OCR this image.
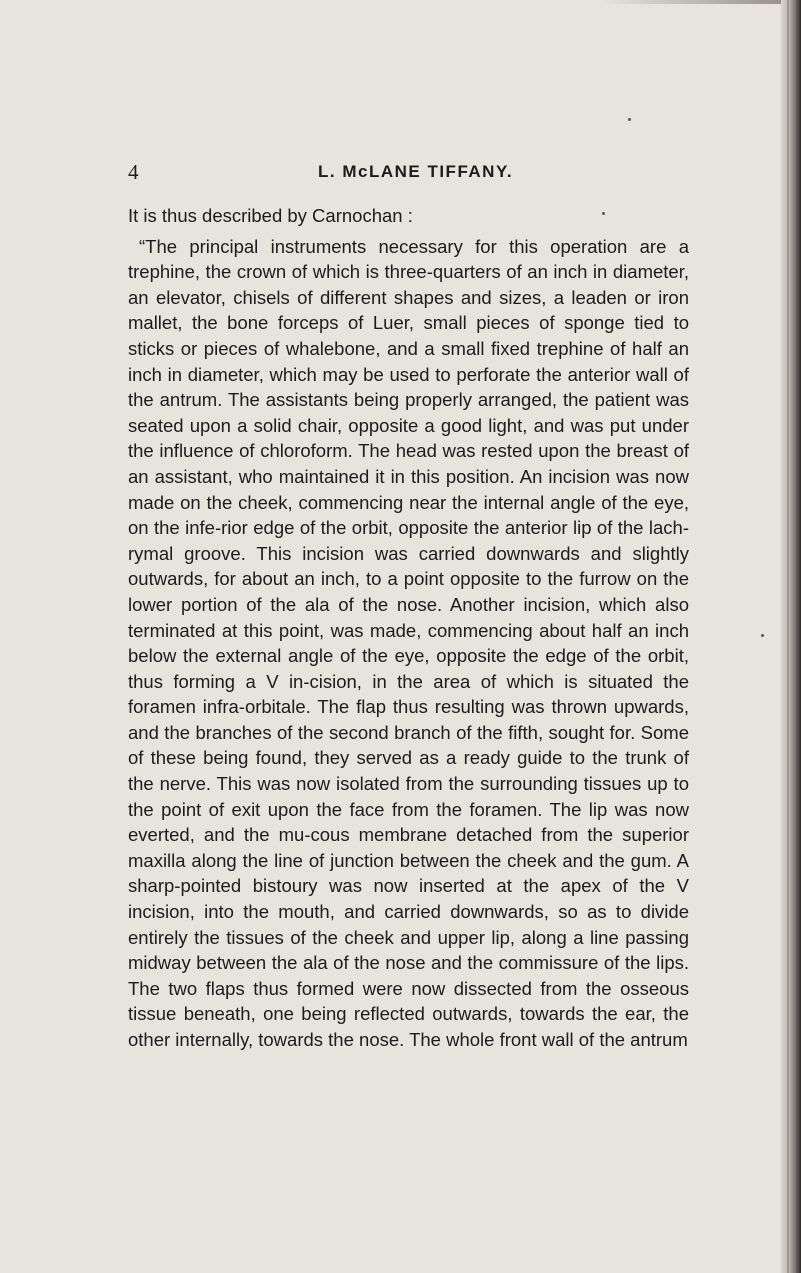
4	L. McLANE TIFFANY.

It is thus described by Carnochan :

“The principal instruments necessary for this operation are a trephine, the crown of which is three-quarters of an inch in diameter, an elevator, chisels of different shapes and sizes, a leaden or iron mallet, the bone forceps of Luer, small pieces of sponge tied to sticks or pieces of whalebone, and a small fixed trephine of half an inch in diameter, which may be used to perforate the anterior wall of the antrum. The assistants being properly arranged, the patient was seated upon a solid chair, opposite a good light, and was put under the influence of chloroform. The head was rested upon the breast of an assistant, who maintained it in this position. An incision was now made on the cheek, commencing near the internal angle of the eye, on the infe-rior edge of the orbit, opposite the anterior lip of the lach-rymal groove. This incision was carried downwards and slightly outwards, for about an inch, to a point opposite to the furrow on the lower portion of the ala of the nose. Another incision, which also terminated at this point, was made, commencing about half an inch below the external angle of the eye, opposite the edge of the orbit, thus forming a V in-cision, in the area of which is situated the foramen infra-orbitale. The flap thus resulting was thrown upwards, and the branches of the second branch of the fifth, sought for. Some of these being found, they served as a ready guide to the trunk of the nerve. This was now isolated from the surrounding tissues up to the point of exit upon the face from the foramen. The lip was now everted, and the mu-cous membrane detached from the superior maxilla along the line of junction between the cheek and the gum. A sharp-pointed bistoury was now inserted at the apex of the V incision, into the mouth, and carried downwards, so as to divide entirely the tissues of the cheek and upper lip, along a line passing midway between the ala of the nose and the commissure of the lips. The two flaps thus formed were now dissected from the osseous tissue beneath, one being reflected outwards, towards the ear, the other internally, towards the nose. The whole front wall of the antrum
